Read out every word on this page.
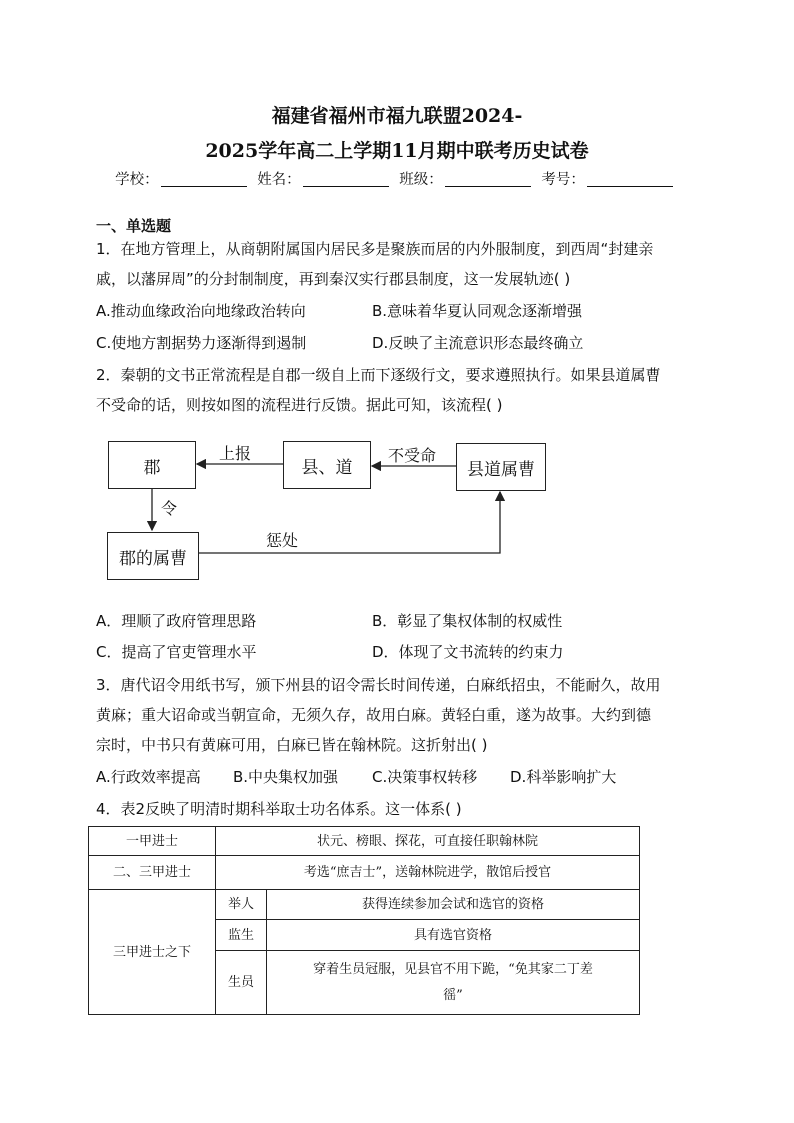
福建省福州市福九联盟2024-
2025学年高二上学期11月期中联考历史试卷
学校：	姓名：	班级：	考号：
一、单选题
1．在地方管理上，从商朝附属国内居民多是聚族而居的内外服制度，到西周“封建亲
戚，以藩屏周”的分封制制度，再到秦汉实行郡县制度，这一发展轨迹( )
A.推动血缘政治向地缘政治转向	B.意味着华夏认同观念逐渐增强
C.使地方割据势力逐渐得到遏制	D.反映了主流意识形态最终确立
2．秦朝的文书正常流程是自郡一级自上而下逐级行文，要求遵照执行。如果县道属曹
不受命的话，则按如图的流程进行反馈。据此可知，该流程( )
郡	县、道	县道属曹
郡的属曹
上报	不受命
令
惩处
A．理顺了政府管理思路	B．彰显了集权体制的权威性
C．提高了官吏管理水平	D．体现了文书流转的约束力
3．唐代诏令用纸书写，颁下州县的诏令需长时间传递，白麻纸招虫，不能耐久，故用
黄麻；重大诏命或当朝宣命，无须久存，故用白麻。黄轻白重，遂为故事。大约到德
宗时，中书只有黄麻可用，白麻已皆在翰林院。这折射出( )
A.行政效率提高 B.中央集权加强 C.决策事权转移 D.科举影响扩大
4．表2反映了明清时期科举取士功名体系。这一体系( )
一甲进士	状元、榜眼、探花，可直接任职翰林院	
二、三甲进士	考选“庶吉士”，送翰林院进学，散馆后授官	
三甲进士之下	举人	获得连续参加会试和选官的资格
	监生	具有选官资格
	生员	穿着生员冠服，见县官不用下跪，“免其家二丁差
徭”
